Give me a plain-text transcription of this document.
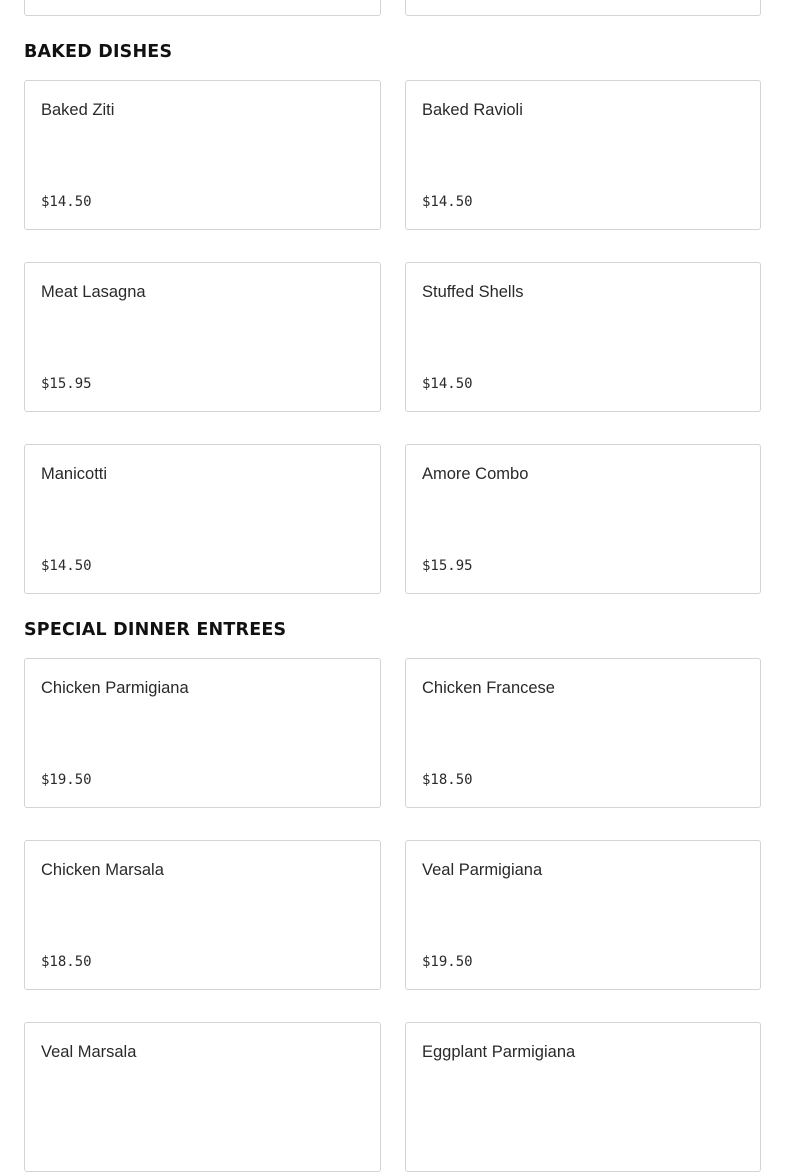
BAKED DISHES
Baked Ziti
$14.50
Baked Ravioli
$14.50
Meat Lasagna
$15.95
Stuffed Shells
$14.50
Manicotti
$14.50
Amore Combo
$15.95
SPECIAL DINNER ENTREES
Chicken Parmigiana
$19.50
Chicken Francese
$18.50
Chicken Marsala
$18.50
Veal Parmigiana
$19.50
Veal Marsala	Eggplant Parmigiana
